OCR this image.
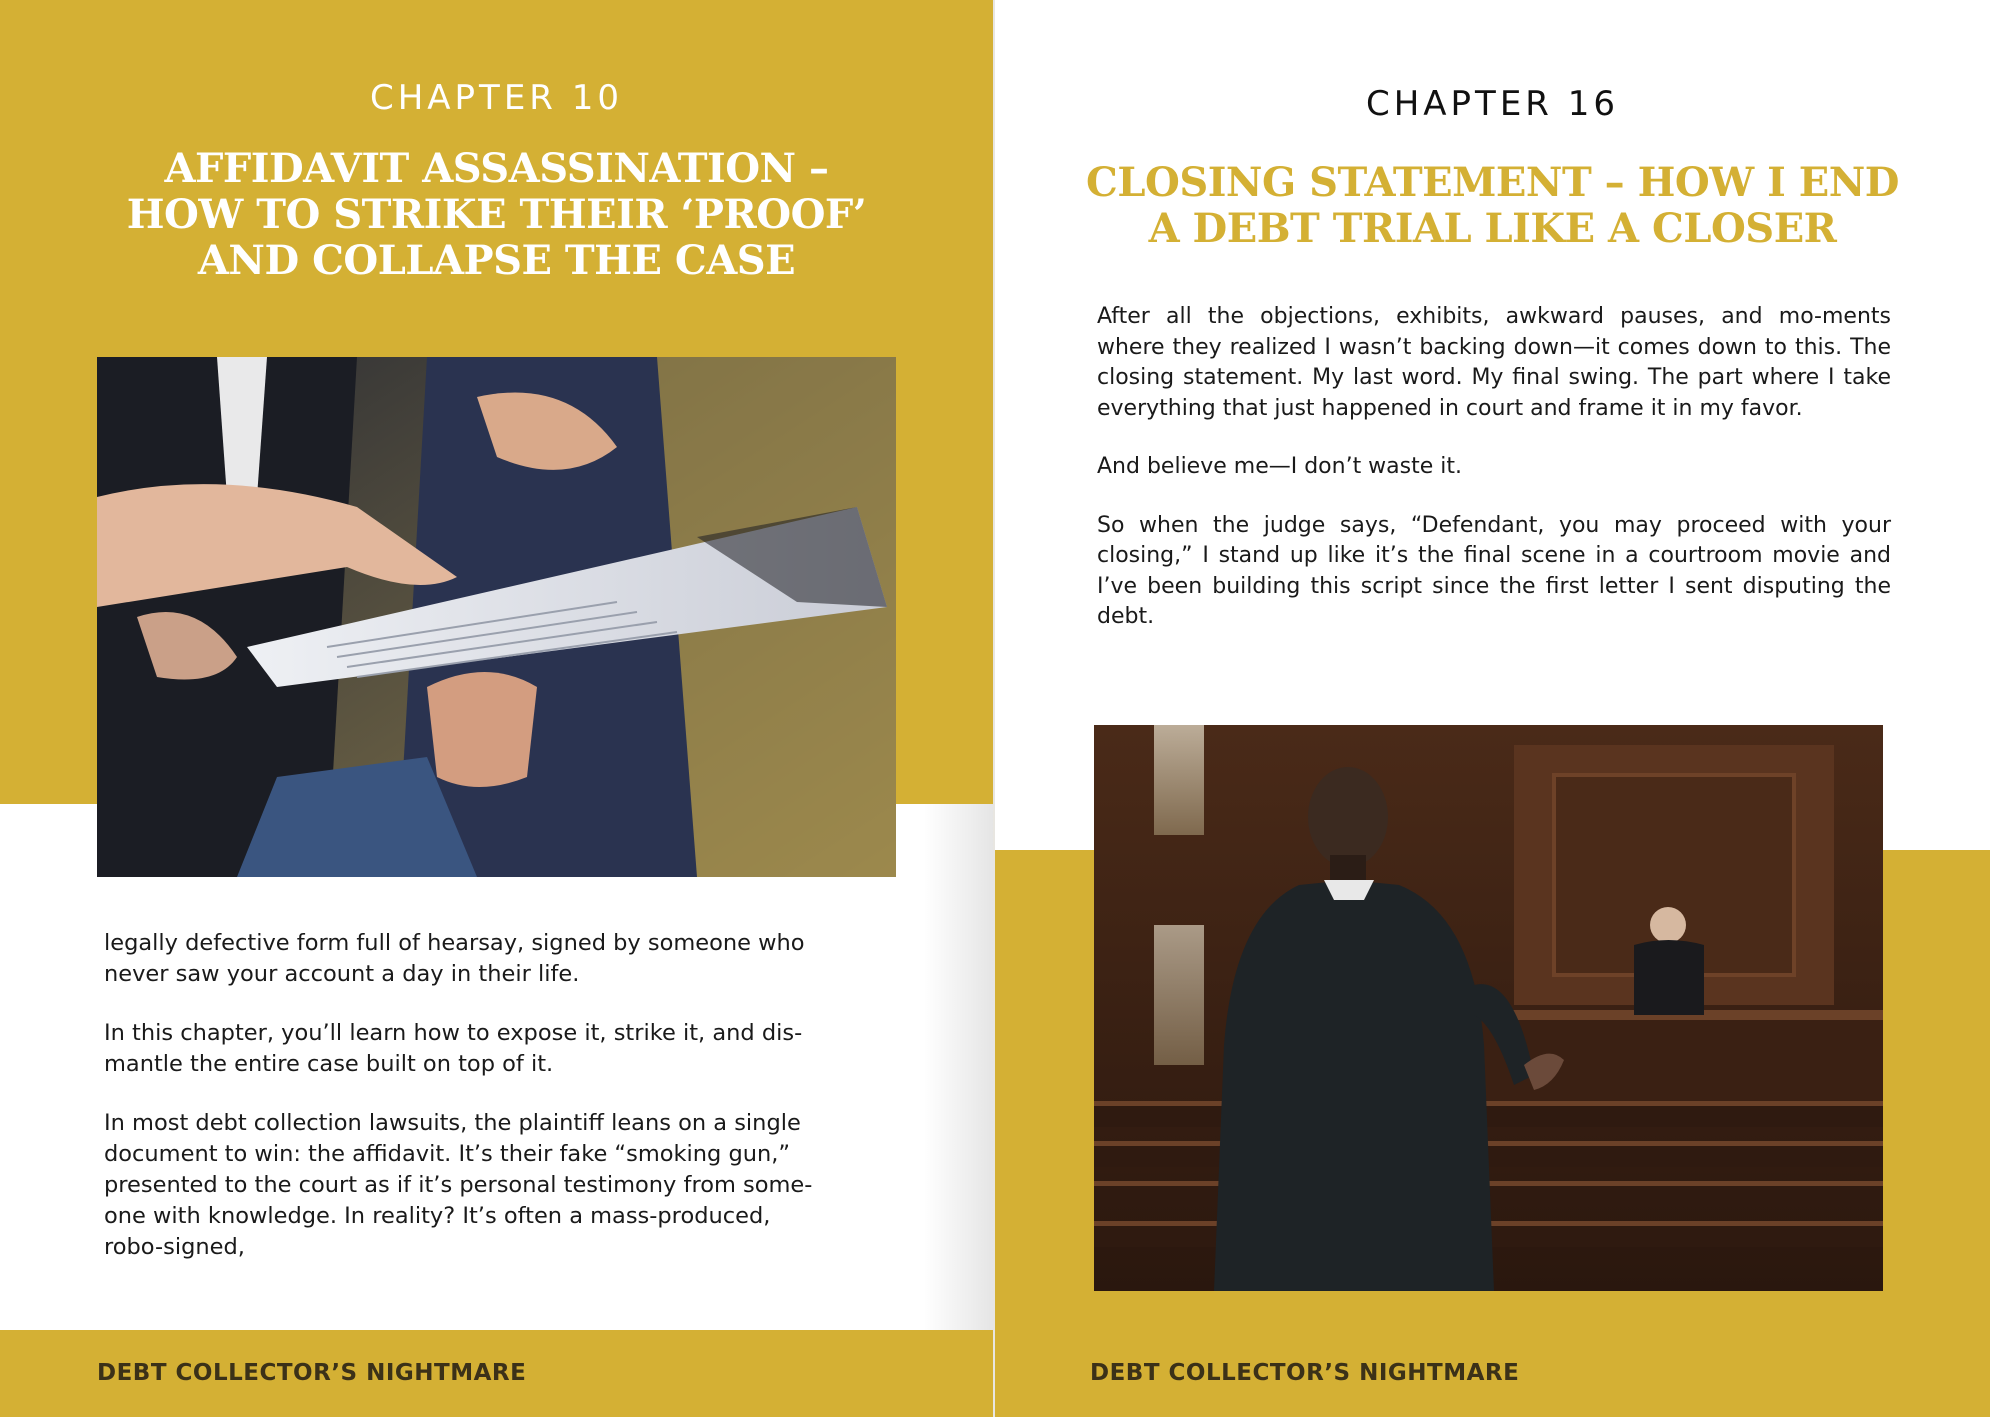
CHAPTER 10
AFFIDAVIT ASSASSINATION –
HOW TO STRIKE THEIR ‘PROOF’
AND COLLAPSE THE CASE

legally defective form full of hearsay, signed by someone who
never saw your account a day in their life.

In this chapter, you’ll learn how to expose it, strike it, and dis-
mantle the entire case built on top of it.

In most debt collection lawsuits, the plaintiff leans on a single
document to win: the affidavit. It’s their fake “smoking gun,”
presented to the court as if it’s personal testimony from some-
one with knowledge. In reality? It’s often a mass-produced,
robo-signed,

DEBT COLLECTOR’S NIGHTMARE
CHAPTER 16
CLOSING STATEMENT – HOW I END
A DEBT TRIAL LIKE A CLOSER

After all the objections, exhibits, awkward pauses, and mo-ments where they realized I wasn’t backing down—it comes down to this. The closing statement. My last word. My final swing. The part where I take everything that just happened in court and frame it in my favor.

And believe me—I don’t waste it.

So when the judge says, “Defendant, you may proceed with your closing,” I stand up like it’s the final scene in a courtroom movie and I’ve been building this script since the first letter I sent disputing the debt.

DEBT COLLECTOR’S NIGHTMARE
